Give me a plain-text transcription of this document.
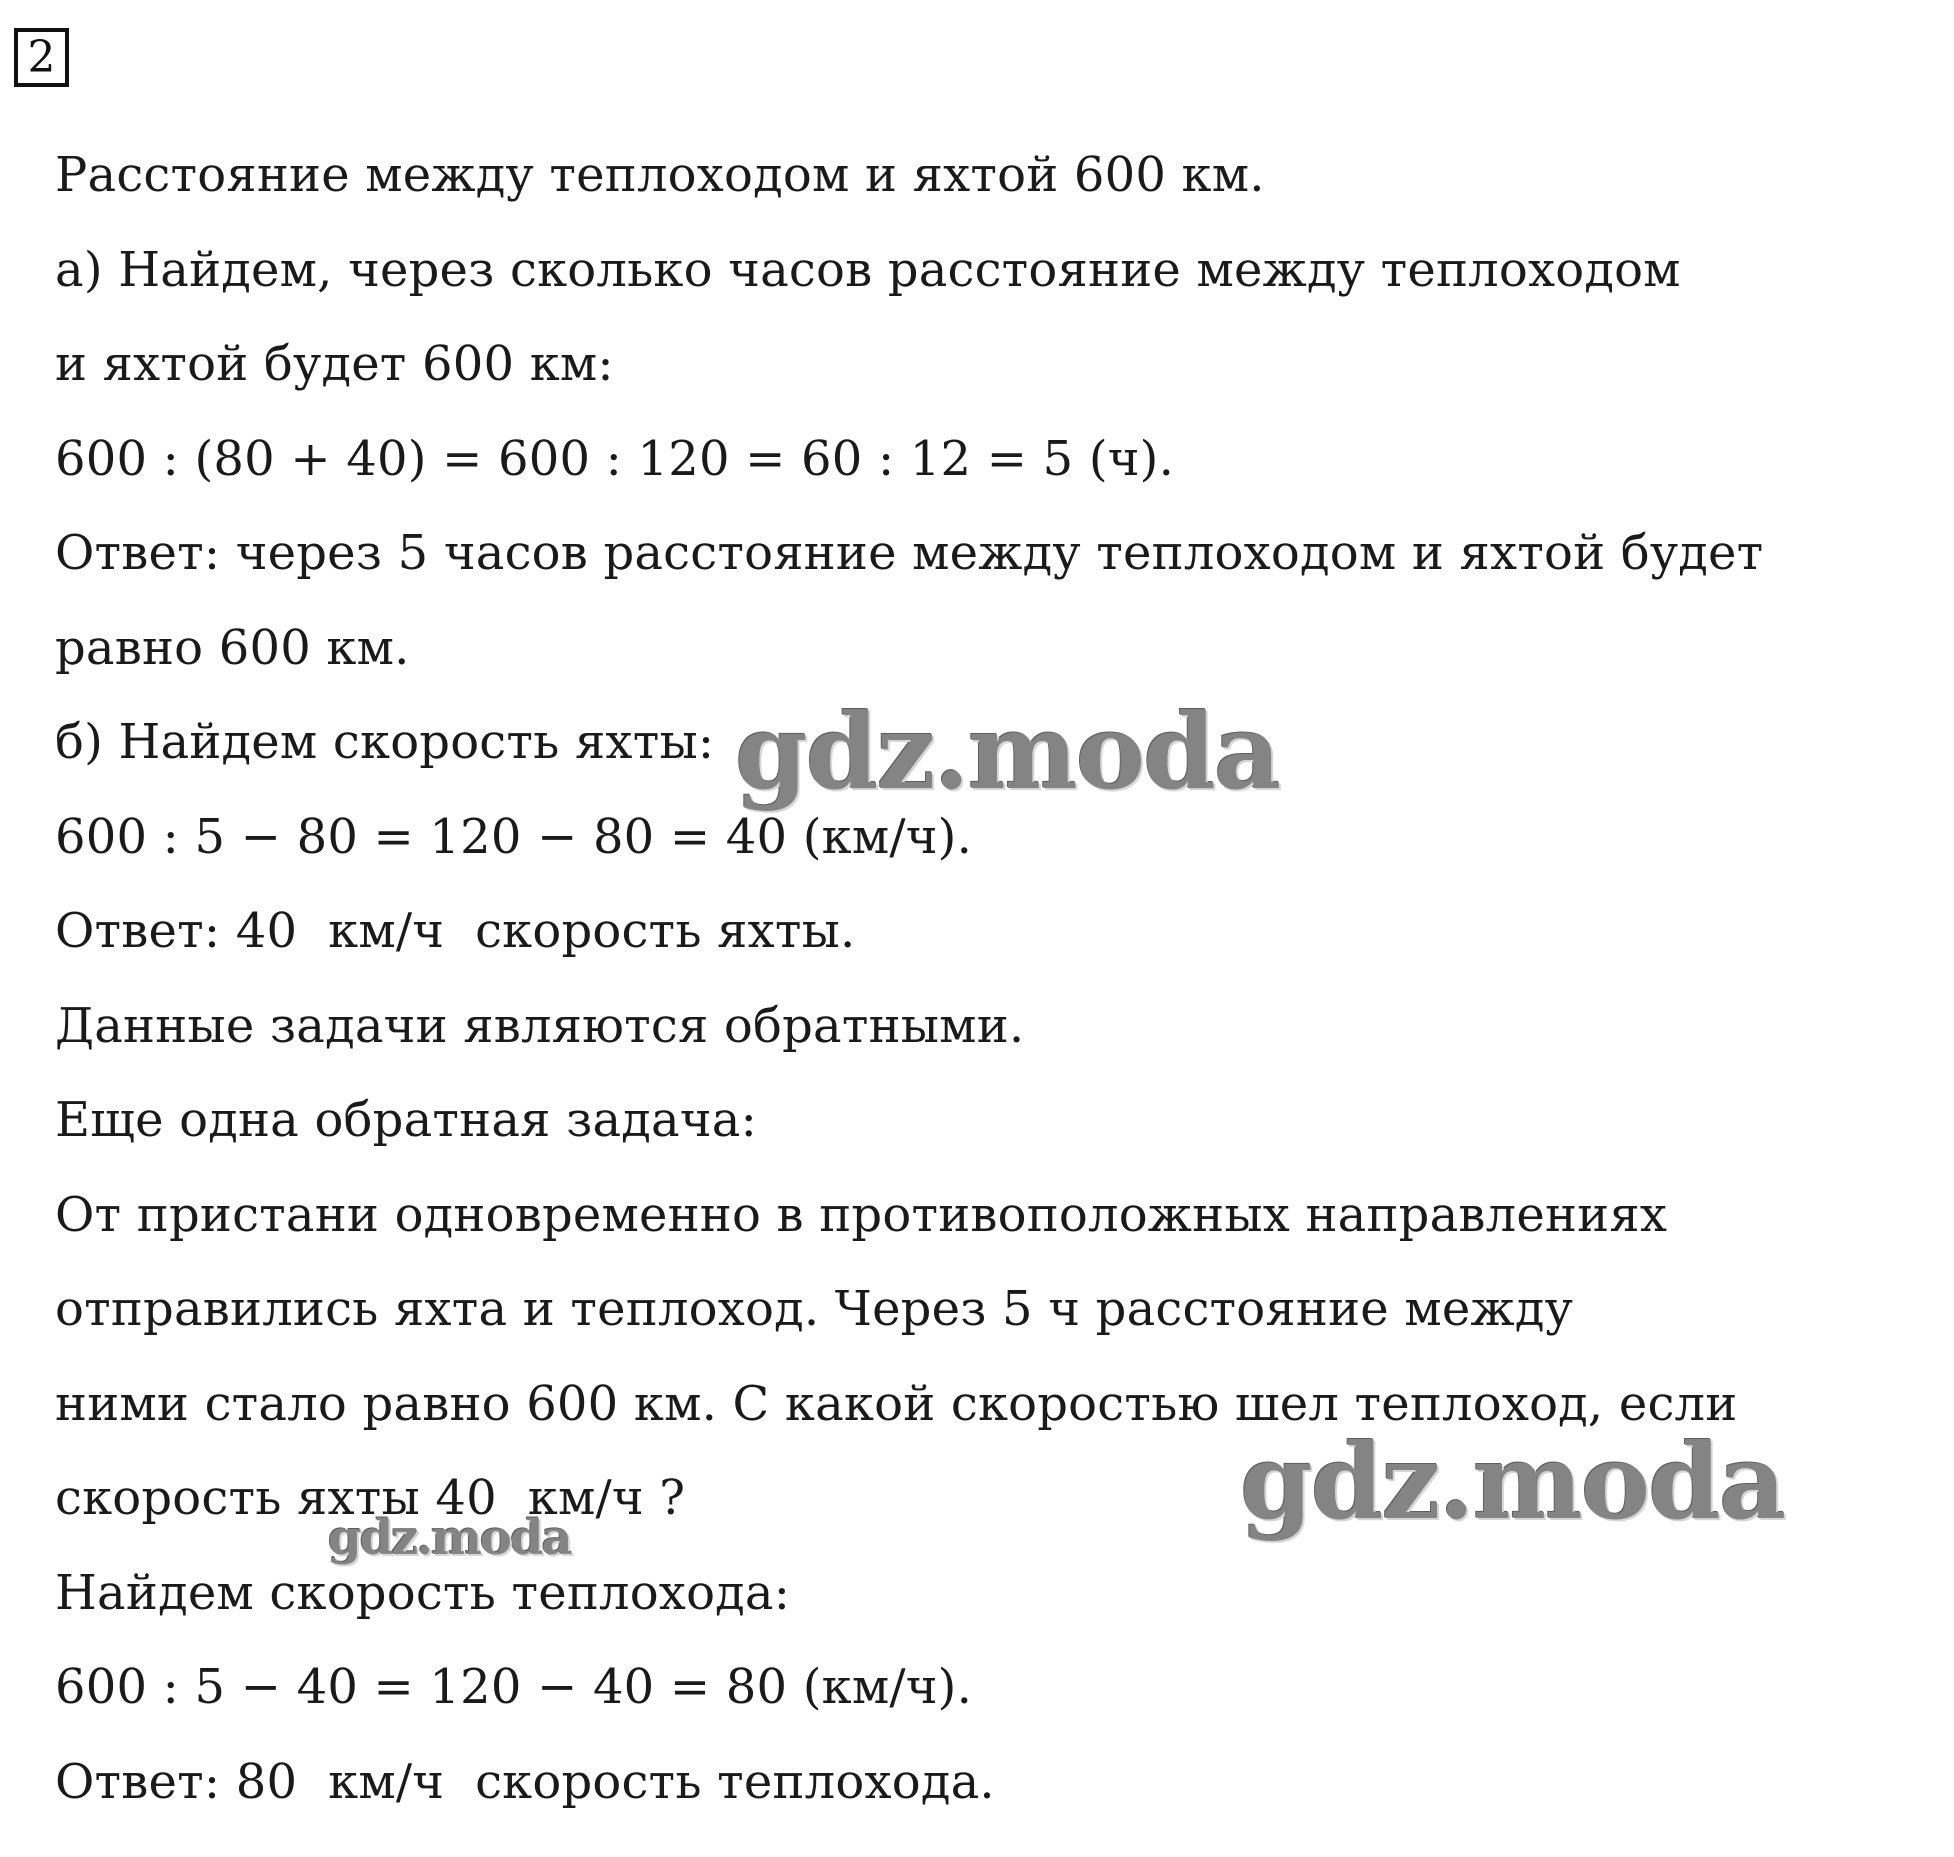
2
Расстояние между теплоходом и яхтой 600 км.
а) Найдем, через сколько часов расстояние между теплоходом
и яхтой будет 600 км:
600 : (80 + 40) = 600 : 120 = 60 : 12 = 5 (ч).
Ответ: через 5 часов расстояние между теплоходом и яхтой будет
равно 600 км.
б) Найдем скорость яхты:
600 : 5 − 80 = 120 − 80 = 40 (км/ч).
Ответ: 40  км/ч  скорость яхты.
Данные задачи являются обратными.
Еще одна обратная задача:
От пристани одновременно в противоположных направлениях
отправились яхта и теплоход. Через 5 ч расстояние между
ними стало равно 600 км. С какой скоростью шел теплоход, если
скорость яхты 40  км/ч ?
Найдем скорость теплохода:
600 : 5 − 40 = 120 − 40 = 80 (км/ч).
Ответ: 80  км/ч  скорость теплохода.
gdz.moda
gdz.moda
gdz.moda
